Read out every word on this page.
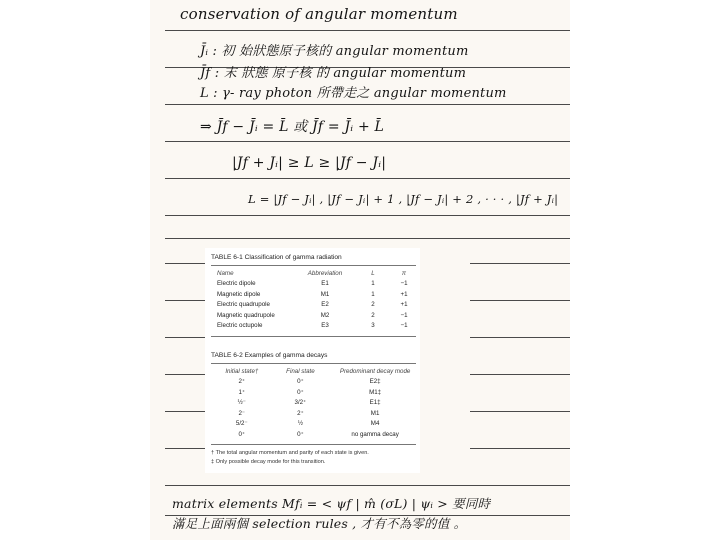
conservation of angular momentum
J̄ᵢ : 初 始狀態原子核的 angular momentum
J̄f : 末 狀態 原子核 的 angular momentum
L : γ‑ ray photon 所帶走之 angular momentum
⇒ J̄f − J̄ᵢ = L̄ 或 J̄f = J̄ᵢ + L̄
|Jf + Jᵢ| ≥ L ≥ |Jf − Jᵢ|
L = |Jf − Jᵢ| , |Jf − Jᵢ| + 1 , |Jf − Jᵢ| + 2 , · · · , |Jf + Jᵢ|
TABLE 6-1 Classification of gamma radiation
Name	Abbreviation	L	π
Electric dipole	E1	1	−1
Magnetic dipole	M1	1	+1
Electric quadrupole	E2	2	+1
Magnetic quadrupole	M2	2	−1
Electric octupole	E3	3	−1
TABLE 6-2 Examples of gamma decays
Initial state†	Final state	Predominant decay mode
2⁺	0⁺	E2‡
1⁺	0⁺	M1‡
½⁻	3/2⁺	E1‡
2⁻	2⁺	M1
5/2⁻	½	M4
0⁺	0⁺	no gamma decay
† The total angular momentum and parity of each state is given.
‡ Only possible decay mode for this transition.
matrix elements Mfᵢ = < ψf | m̂ (σL) | ψᵢ > 要同時
滿足上面兩個 selection rules , 才有不為零的值 。
